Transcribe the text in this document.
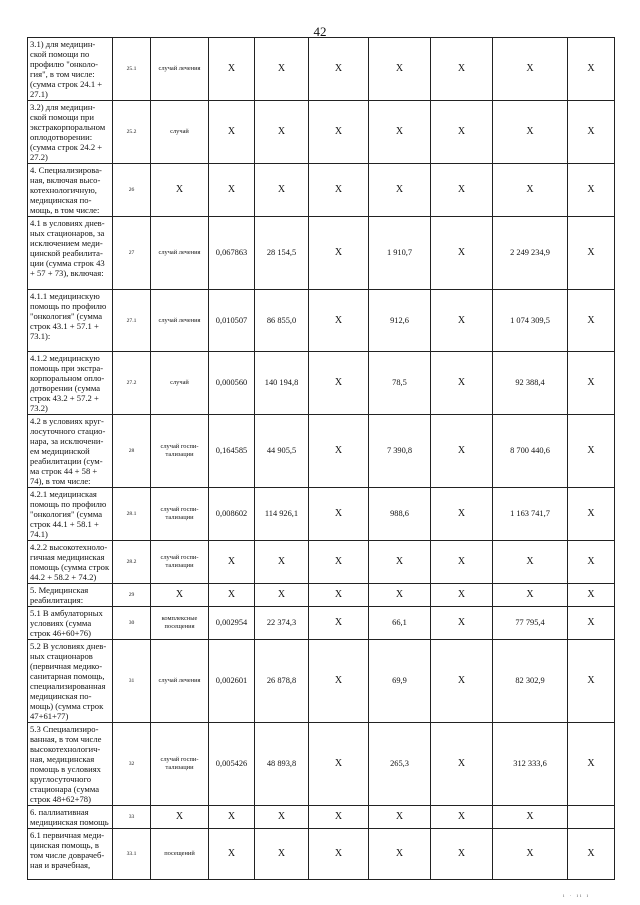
42
3.1) для медицин-ской помощи по профилю "онколо-гия", в том числе: (сумма строк 24.1 + 27.1)	25.1	случай лечения	X	X	X	X	X	X	X
3.2) для медицин-ской помощи при экстракорпоральном оплодотворении: (сумма строк 24.2 + 27.2)	25.2	случай	X	X	X	X	X	X	X
4. Специализирова-ная, включая высо-котехнологичную, медицинская по-мощь, в том числе:	26	X	X	X	X	X	X	X	X
4.1 в условиях днев-ных стационаров, за исключением меди-цинской реабилита-ции (сумма строк 43 + 57 + 73), включая:	27	случай лечения	0,067863	28 154,5	X	1 910,7	X	2 249 234,9	X
4.1.1 медицинскую помощь по профилю "онкология" (сумма строк 43.1 + 57.1 + 73.1):	27.1	случай лечения	0,010507	86 855,0	X	912,6	X	1 074 309,5	X
4.1.2 медицинскую помощь при экстра-корпоральном опло-дотворении (сумма строк 43.2 + 57.2 + 73.2)	27.2	случай	0,000560	140 194,8	X	78,5	X	92 388,4	X
4.2 в условиях круг-лосуточного стацио-нара, за исключени-ем медицинской реабилитации (сум-ма строк 44 + 58 + 74), в том числе:	28	случай госпи-тализации	0,164585	44 905,5	X	7 390,8	X	8 700 440,6	X
4.2.1 медицинская помощь по профилю "онкология" (сумма строк 44.1 + 58.1 + 74.1)	28.1	случай госпи-тализации	0,008602	114 926,1	X	988,6	X	1 163 741,7	X
4.2.2 высокотехноло-гичная медицинская помощь (сумма строк 44.2 + 58.2 + 74.2)	28.2	случай госпи-тализации	X	X	X	X	X	X	X
5. Медицинская реабилитация:	29	X	X	X	X	X	X	X	X
5.1 В амбулаторных условиях (сумма строк 46+60+76)	30	комплексные посещения	0,002954	22 374,3	X	66,1	X	77 795,4	X
5.2 В условиях днев-ных стационаров (первичная медико-санитарная помощь, специализированная медицинская по-мощь) (сумма строк 47+61+77)	31	случай лечения	0,002601	26 878,8	X	69,9	X	82 302,9	X
5.3 Специализиро-ванная, в том числе высокотехнологич-ная, медицинская помощь в условиях круглосуточного стационара (сумма строк 48+62+78)	32	случай госпи-тализации	0,005426	48 893,8	X	265,3	X	312 333,6	X
6. паллиативная медицинская помощь	33	X	X	X	X	X	X	X	
6.1 первичная меди-цинская помощь, в том числе доврачеб-ная и врачебная,	33.1	посещений	X	X	X	X	X	X	X
ı · ıı ı
